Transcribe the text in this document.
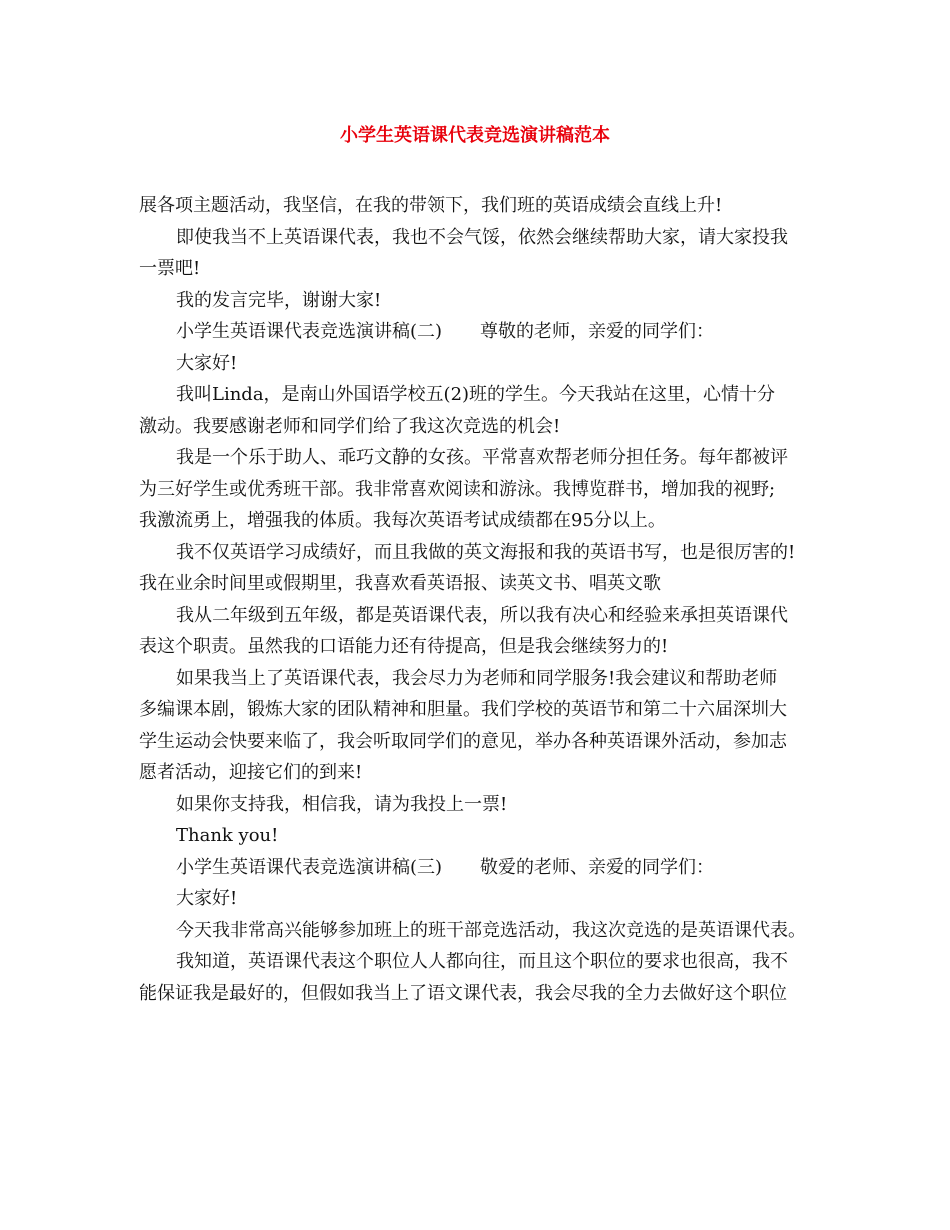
小学生英语课代表竞选演讲稿范本
展各项主题活动，我坚信，在我的带领下，我们班的英语成绩会直线上升!
即使我当不上英语课代表，我也不会气馁，依然会继续帮助大家，请大家投我
一票吧!
我的发言完毕，谢谢大家!
小学生英语课代表竞选演讲稿(二) 尊敬的老师，亲爱的同学们：
大家好!
我叫Linda，是南山外国语学校五(2)班的学生。今天我站在这里，心情十分
激动。我要感谢老师和同学们给了我这次竞选的机会!
我是一个乐于助人、乖巧文静的女孩。平常喜欢帮老师分担任务。每年都被评
为三好学生或优秀班干部。我非常喜欢阅读和游泳。我博览群书，增加我的视野;
我激流勇上，增强我的体质。我每次英语考试成绩都在95分以上。
我不仅英语学习成绩好，而且我做的英文海报和我的英语书写，也是很厉害的!
我在业余时间里或假期里，我喜欢看英语报、读英文书、唱英文歌
我从二年级到五年级，都是英语课代表，所以我有决心和经验来承担英语课代
表这个职责。虽然我的口语能力还有待提高，但是我会继续努力的!
如果我当上了英语课代表，我会尽力为老师和同学服务!我会建议和帮助老师
多编课本剧，锻炼大家的团队精神和胆量。我们学校的英语节和第二十六届深圳大
学生运动会快要来临了，我会听取同学们的意见，举办各种英语课外活动，参加志
愿者活动，迎接它们的到来!
如果你支持我，相信我，请为我投上一票!
Thank you!
小学生英语课代表竞选演讲稿(三) 敬爱的老师、亲爱的同学们：
大家好!
今天我非常高兴能够参加班上的班干部竞选活动，我这次竞选的是英语课代表。
我知道，英语课代表这个职位人人都向往，而且这个职位的要求也很高，我不
能保证我是最好的，但假如我当上了语文课代表，我会尽我的全力去做好这个职位
